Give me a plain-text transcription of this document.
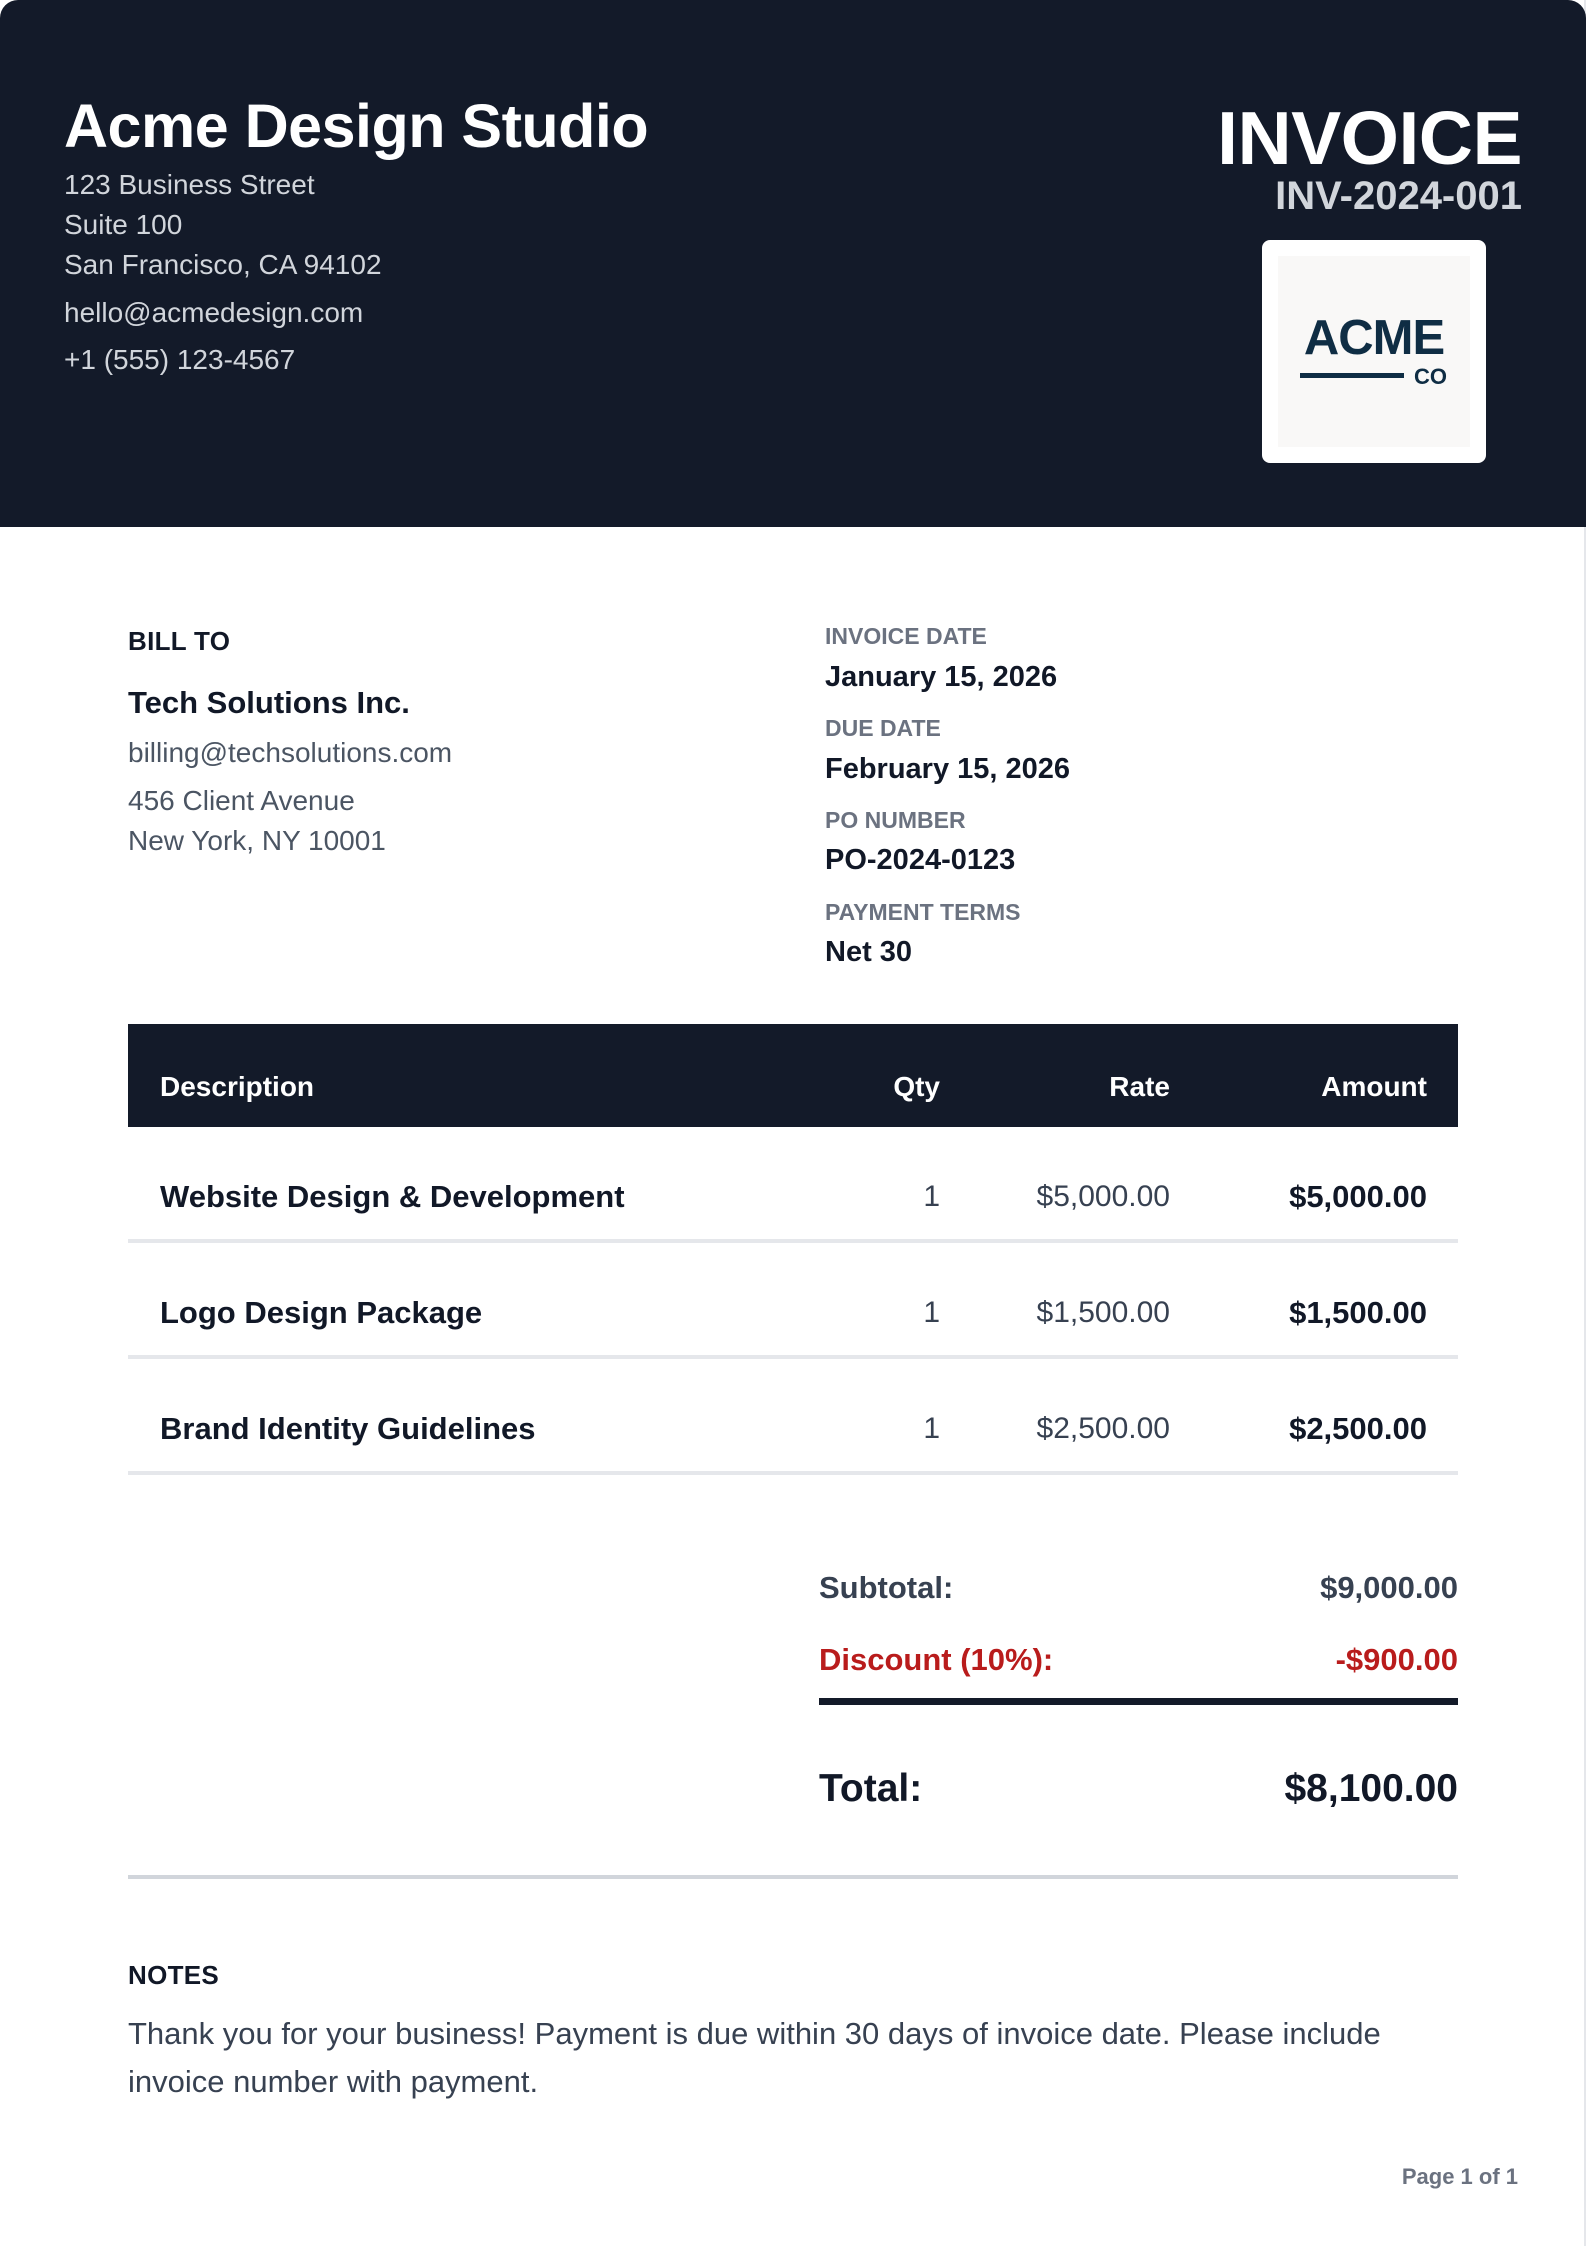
Acme Design Studio
123 Business Street
Suite 100
San Francisco, CA 94102
hello@acmedesign.com
+1 (555) 123-4567
INVOICE
INV-2024-001
ACME
CO
BILL TO
Tech Solutions Inc.
billing@techsolutions.com
456 Client Avenue
New York, NY 10001
INVOICE DATE
January 15, 2026
DUE DATE
February 15, 2026
PO NUMBER
PO-2024-0123
PAYMENT TERMS
Net 30
Description	Qty	Rate	Amount
Website Design & Development	1	$5,000.00	$5,000.00
Logo Design Package	1	$1,500.00	$1,500.00
Brand Identity Guidelines	1	$2,500.00	$2,500.00
Subtotal:	$9,000.00
Discount (10%):	-$900.00
Total:	$8,100.00
NOTES
Thank you for your business! Payment is due within 30 days of invoice date. Please include invoice number with payment.
Page 1 of 1
